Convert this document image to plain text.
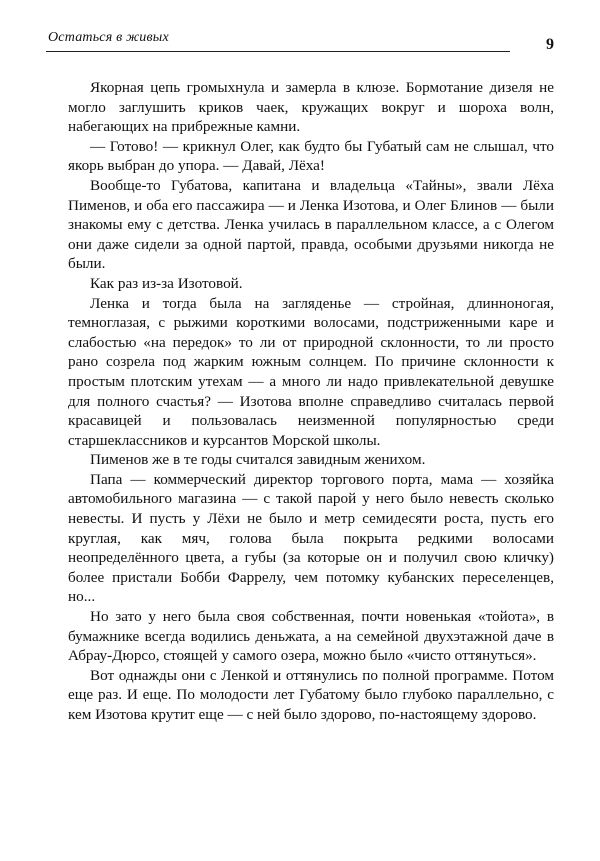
Остаться в живых	9

Якорная цепь громыхнула и замерла в клюзе. Бормотание дизеля не могло заглушить криков чаек, кружащих вокруг и шороха волн, набегающих на прибрежные камни.

— Готово! — крикнул Олег, как будто бы Губатый сам не слышал, что якорь выбран до упора. — Давай, Лёха!

Вообще-то Губатова, капитана и владельца «Тайны», звали Лёха Пименов, и оба его пассажира — и Ленка Изотова, и Олег Блинов — были знакомы ему с детства. Ленка училась в параллельном классе, а с Олегом они даже сидели за одной партой, правда, особыми друзьями никогда не были.

Как раз из-за Изотовой.

Ленка и тогда была на загляденье — стройная, длинноногая, темноглазая, с рыжими короткими волосами, подстриженными каре и слабостью «на передок» то ли от природной склонности, то ли просто рано созрела под жарким южным солнцем. По причине склонности к простым плотским утехам — а много ли надо привлекательной девушке для полного счастья? — Изотова вполне справедливо считалась первой красавицей и пользовалась неизменной популярностью среди старшеклассников и курсантов Морской школы.

Пименов же в те годы считался завидным женихом.

Папа — коммерческий директор торгового порта, мама — хозяйка автомобильного магазина — с такой парой у него было невесть сколько невесты. И пусть у Лёхи не было и метр семидесяти роста, пусть его круглая, как мяч, голова была покрыта редкими волосами неопределённого цвета, а губы (за которые он и получил свою кличку) более пристали Бобби Фаррелу, чем потомку кубанских переселенцев, но...

Но зато у него была своя собственная, почти новенькая «тойота», в бумажнике всегда водились деньжата, а на семейной двухэтажной даче в Абрау-Дюрсо, стоящей у самого озера, можно было «чисто оттянуться».

Вот однажды они с Ленкой и оттянулись по полной программе. Потом еще раз. И еще. По молодости лет Губатому было глубоко параллельно, с кем Изотова крутит еще — с ней было здорово, по-настоящему здорово.
